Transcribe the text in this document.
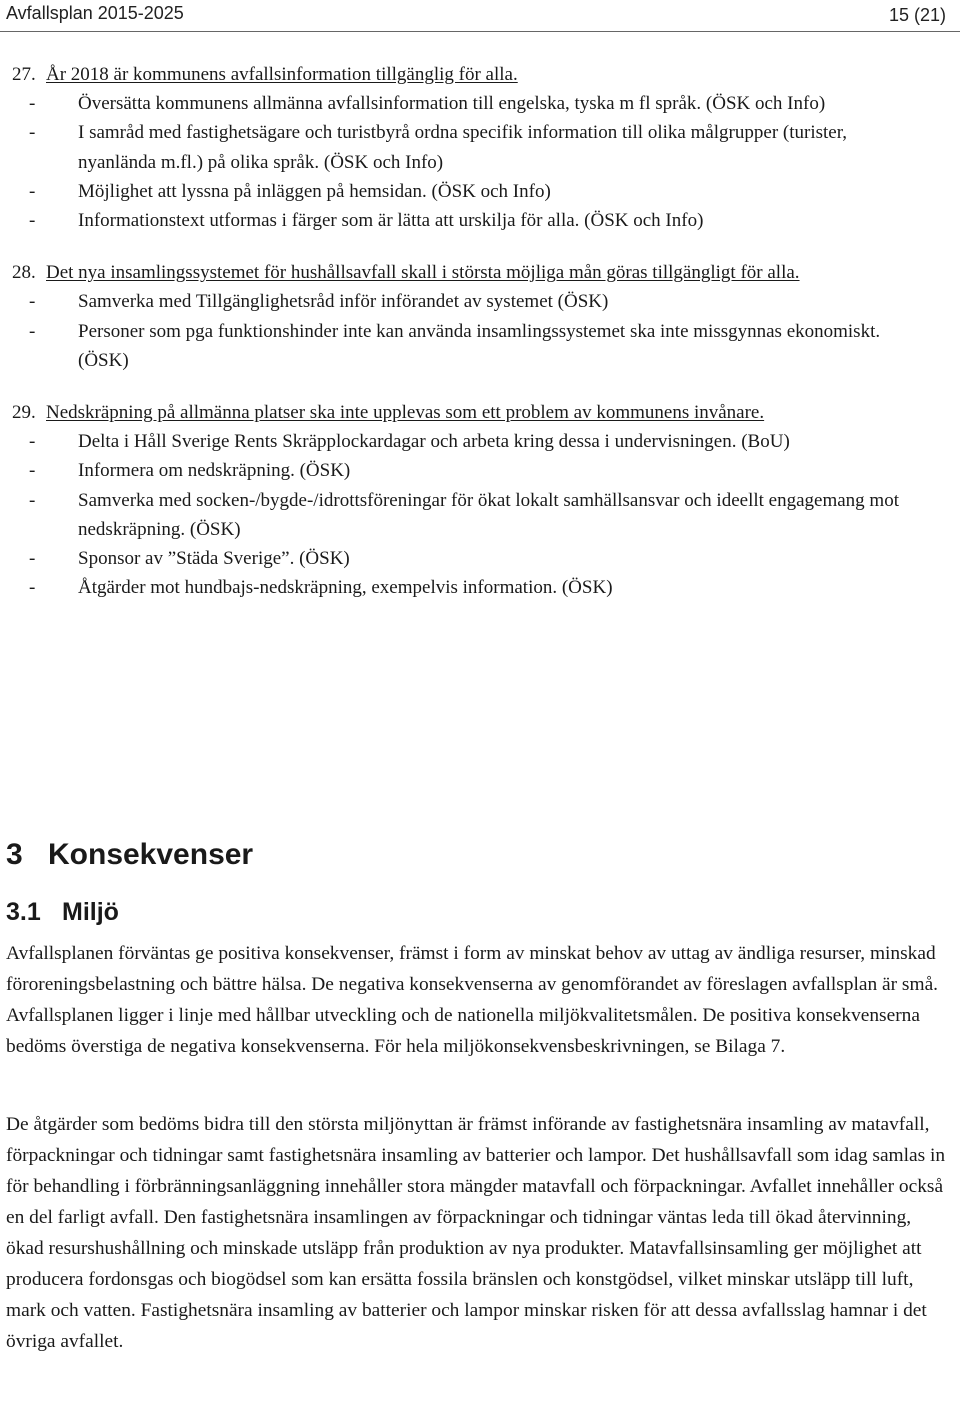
Avfallsplan 2015-2025	15 (21)
27. År 2018 är kommunens avfallsinformation tillgänglig för alla.
-	Översätta kommunens allmänna avfallsinformation till engelska, tyska m fl språk. (ÖSK och Info)
-	I samråd med fastighetsägare och turistbyrå ordna specifik information till olika målgrupper (turister, nyanlända m.fl.) på olika språk. (ÖSK och Info)
-	Möjlighet att lyssna på inläggen på hemsidan. (ÖSK och Info)
-	Informationstext utformas i färger som är lätta att urskilja för alla. (ÖSK och Info)
28. Det nya insamlingssystemet för hushållsavfall skall i största möjliga mån göras tillgängligt för alla.
-	Samverka med Tillgänglighetsråd inför införandet av systemet (ÖSK)
-	Personer som pga funktionshinder inte kan använda insamlingssystemet ska inte missgynnas ekonomiskt. (ÖSK)
29. Nedskräpning på allmänna platser ska inte upplevas som ett problem av kommunens invånare.
-	Delta i Håll Sverige Rents Skräpplockardagar och arbeta kring dessa i undervisningen. (BoU)
-	Informera om nedskräpning. (ÖSK)
-	Samverka med socken-/bygde-/idrottsföreningar för ökat lokalt samhällsansvar och ideellt engagemang mot nedskräpning. (ÖSK)
-	Sponsor av ”Städa Sverige”. (ÖSK)
-	Åtgärder mot hundbajs-nedskräpning, exempelvis information. (ÖSK)
3 Konsekvenser
3.1 Miljö

Avfallsplanen förväntas ge positiva konsekvenser, främst i form av minskat behov av uttag av ändliga resurser, minskad föroreningsbelastning och bättre hälsa. De negativa konsekvenserna av genomförandet av föreslagen avfallsplan är små. Avfallsplanen ligger i linje med hållbar utveckling och de nationella miljökvalitetsmålen. De positiva konsekvenserna bedöms överstiga de negativa konsekvenserna. För hela miljökonsekvensbeskrivningen, se Bilaga 7.

De åtgärder som bedöms bidra till den största miljönyttan är främst införande av fastighetsnära insamling av matavfall, förpackningar och tidningar samt fastighetsnära insamling av batterier och lampor. Det hushållsavfall som idag samlas in för behandling i förbränningsanläggning innehåller stora mängder matavfall och förpackningar. Avfallet innehåller också en del farligt avfall. Den fastighetsnära insamlingen av förpackningar och tidningar väntas leda till ökad återvinning, ökad resurshushållning och minskade utsläpp från produktion av nya produkter. Matavfallsinsamling ger möjlighet att producera fordonsgas och biogödsel som kan ersätta fossila bränslen och konstgödsel, vilket minskar utsläpp till luft, mark och vatten. Fastighetsnära insamling av batterier och lampor minskar risken för att dessa avfallsslag hamnar i det övriga avfallet.
